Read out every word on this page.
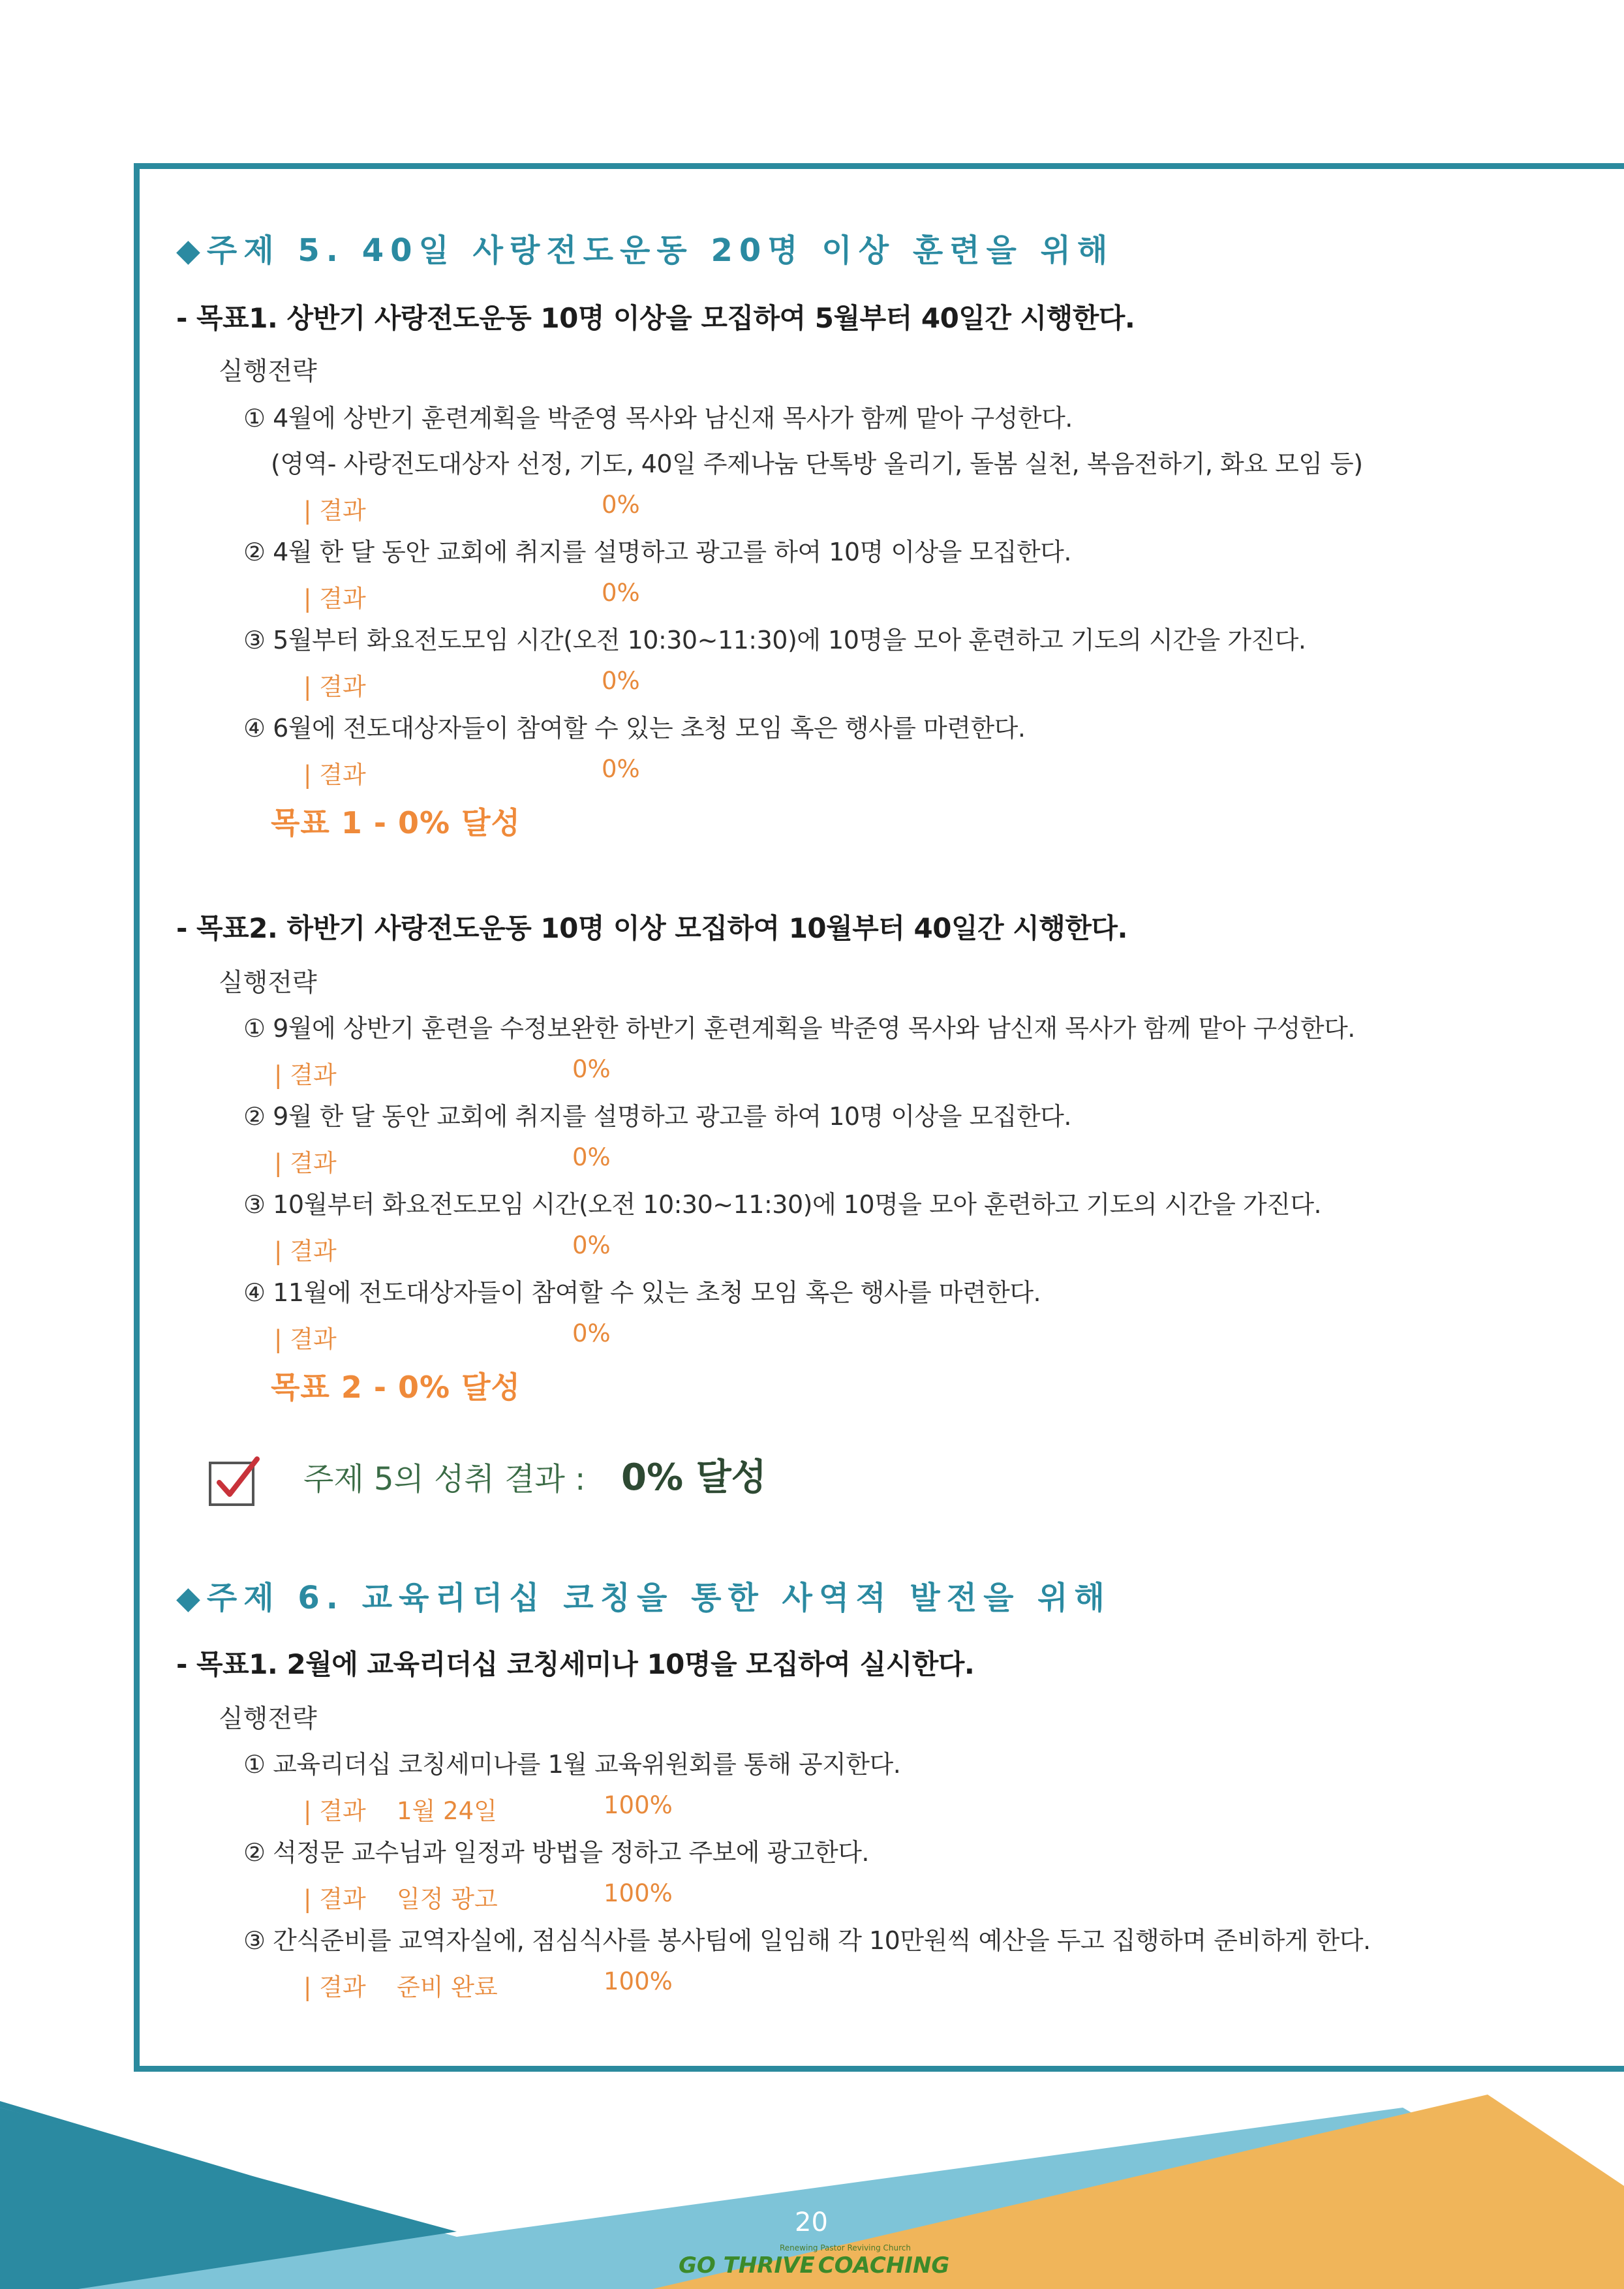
◆주제 5. 40일 사랑전도운동 20명 이상 훈련을 위해
- 목표1. 상반기 사랑전도운동 10명 이상을 모집하여 5월부터 40일간 시행한다.
실행전략
① 4월에 상반기 훈련계획을 박준영 목사와 남신재 목사가 함께 맡아 구성한다.
(영역- 사랑전도대상자 선정, 기도, 40일 주제나눔 단톡방 올리기, 돌봄 실천, 복음전하기, 화요 모임 등)
| 결과	0%
② 4월 한 달 동안 교회에 취지를 설명하고 광고를 하여 10명 이상을 모집한다.
| 결과	0%
③ 5월부터 화요전도모임 시간(오전 10:30~11:30)에 10명을 모아 훈련하고 기도의 시간을 가진다.
| 결과	0%
④ 6월에 전도대상자들이 참여할 수 있는 초청 모임 혹은 행사를 마련한다.
| 결과	0%
목표 1 - 0% 달성
- 목표2. 하반기 사랑전도운동 10명 이상 모집하여 10월부터 40일간 시행한다.
실행전략
① 9월에 상반기 훈련을 수정보완한 하반기 훈련계획을 박준영 목사와 남신재 목사가 함께 맡아 구성한다.
| 결과	0%
② 9월 한 달 동안 교회에 취지를 설명하고 광고를 하여 10명 이상을 모집한다.
| 결과	0%
③ 10월부터 화요전도모임 시간(오전 10:30~11:30)에 10명을 모아 훈련하고 기도의 시간을 가진다.
| 결과	0%
④ 11월에 전도대상자들이 참여할 수 있는 초청 모임 혹은 행사를 마련한다.
| 결과	0%
목표 2 - 0% 달성
주제 5의 성취 결과 : 0% 달성
◆주제 6. 교육리더십 코칭을 통한 사역적 발전을 위해
- 목표1. 2월에 교육리더십 코칭세미나 10명을 모집하여 실시한다.
실행전략
① 교육리더십 코칭세미나를 1월 교육위원회를 통해 공지한다.
| 결과 1월 24일	100%
② 석정문 교수님과 일정과 방법을 정하고 주보에 광고한다.
| 결과 일정 광고	100%
③ 간식준비를 교역자실에, 점심식사를 봉사팀에 일임해 각 10만원씩 예산을 두고 집행하며 준비하게 한다.
| 결과 준비 완료	100%
20
Renewing Pastor Reviving Church
GO THRIVE COACHING
